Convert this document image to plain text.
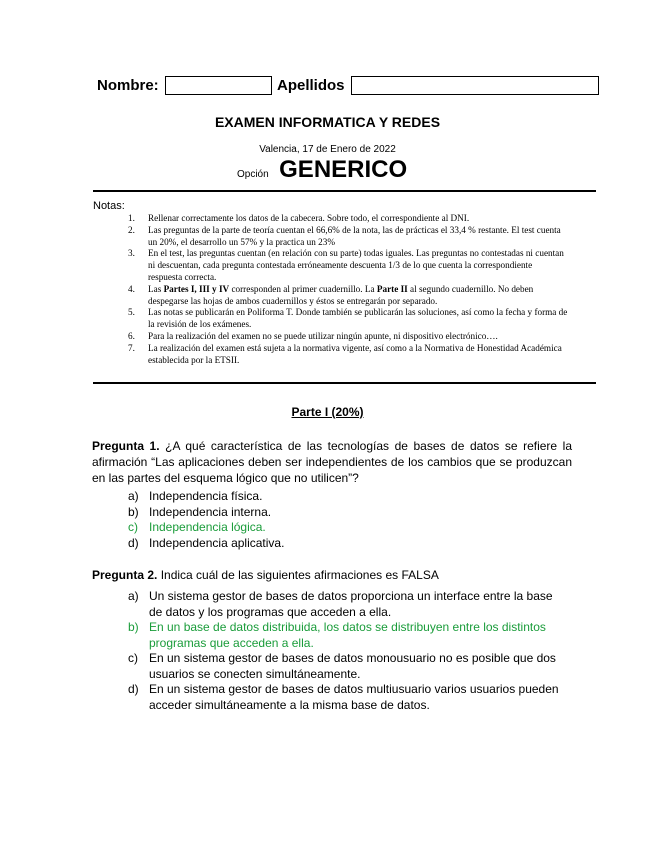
Nombre:	Apellidos
EXAMEN INFORMATICA Y REDES
Valencia, 17 de Enero de 2022
Opción GENERICO
Notas:
1. Rellenar correctamente los datos de la cabecera. Sobre todo, el correspondiente al DNI.
2. Las preguntas de la parte de teoría cuentan el 66,6% de la nota, las de prácticas el 33,4 % restante. El test cuenta un 20%, el desarrollo un 57% y la practica un 23%
3. En el test, las preguntas cuentan (en relación con su parte) todas iguales. Las preguntas no contestadas ni cuentan ni descuentan, cada pregunta contestada erróneamente descuenta 1/3 de lo que cuenta la correspondiente respuesta correcta.
4. Las Partes I, III y IV corresponden al primer cuadernillo. La Parte II al segundo cuadernillo. No deben despegarse las hojas de ambos cuadernillos y éstos se entregarán por separado.
5. Las notas se publicarán en Poliforma T. Donde también se publicarán las soluciones, así como la fecha y forma de la revisión de los exámenes.
6. Para la realización del examen no se puede utilizar ningún apunte, ni dispositivo electrónico….
7. La realización del examen está sujeta a la normativa vigente, así como a la Normativa de Honestidad Académica establecida por la ETSII.
Parte I (20%)
Pregunta 1. ¿A qué característica de las tecnologías de bases de datos se refiere la afirmación “Las aplicaciones deben ser independientes de los cambios que se produzcan en las partes del esquema lógico que no utilicen”?
a) Independencia física.
b) Independencia interna.
c) Independencia lógica.
d) Independencia aplicativa.
Pregunta 2. Indica cuál de las siguientes afirmaciones es FALSA
a) Un sistema gestor de bases de datos proporciona un interface entre la base de datos y los programas que acceden a ella.
b) En un base de datos distribuida, los datos se distribuyen entre los distintos programas que acceden a ella.
c) En un sistema gestor de bases de datos monousuario no es posible que dos usuarios se conecten simultáneamente.
d) En un sistema gestor de bases de datos multiusuario varios usuarios pueden acceder simultáneamente a la misma base de datos.
